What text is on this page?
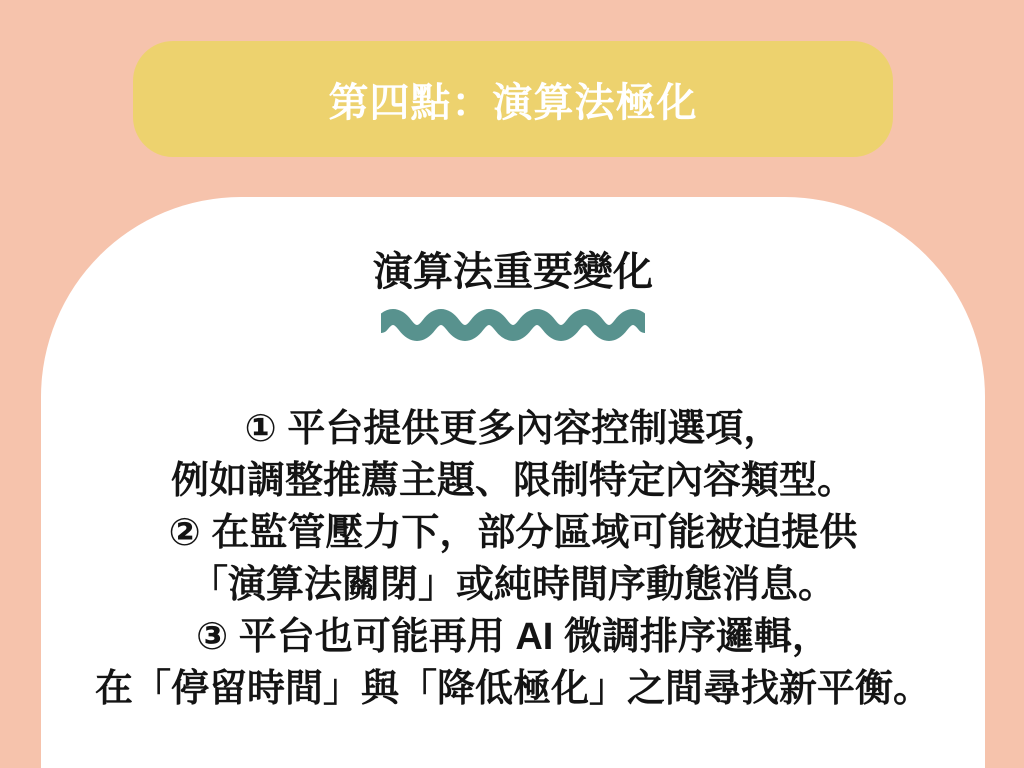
第四點：演算法極化
演算法重要變化
① 平台提供更多內容控制選項，
例如調整推薦主題、限制特定內容類型。
② 在監管壓力下，部分區域可能被迫提供
「演算法關閉」或純時間序動態消息。
③ 平台也可能再用 AI 微調排序邏輯，
在「停留時間」與「降低極化」之間尋找新平衡。
